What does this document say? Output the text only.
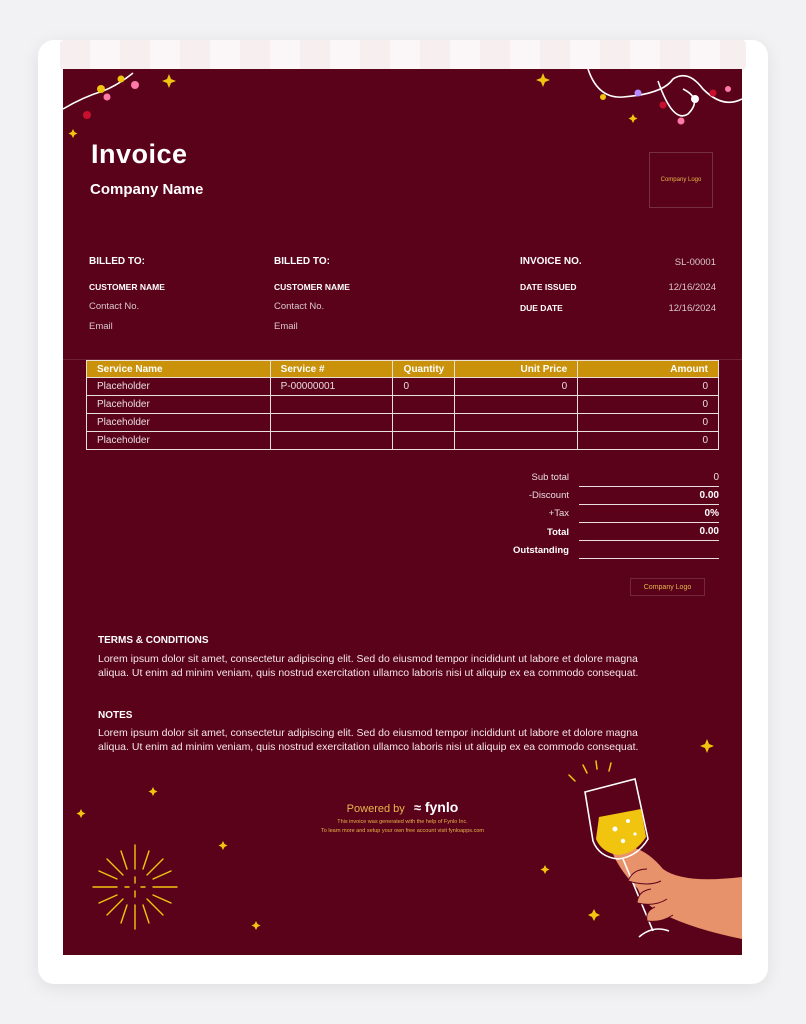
Invoice
Company Name
Company Logo
BILLED TO:
CUSTOMER NAME
Contact No.
Email
BILLED TO:
CUSTOMER NAME
Contact No.
Email
INVOICE NO.	SL-00001
DATE ISSUED	12/16/2024
DUE DATE	12/16/2024
Service Name	Service #	Quantity	Unit Price	Amount
Placeholder	P-00000001	0	0	0
Placeholder				0
Placeholder				0
Placeholder				0
Sub total	0
-Discount	0.00
+Tax	0%
Total	0.00
Outstanding
Company Logo
TERMS & CONDITIONS
Lorem ipsum dolor sit amet, consectetur adipiscing elit. Sed do eiusmod tempor incididunt ut labore et dolore magna aliqua. Ut enim ad minim veniam, quis nostrud exercitation ullamco laboris nisi ut aliquip ex ea commodo consequat.
NOTES
Lorem ipsum dolor sit amet, consectetur adipiscing elit. Sed do eiusmod tempor incididunt ut labore et dolore magna aliqua. Ut enim ad minim veniam, quis nostrud exercitation ullamco laboris nisi ut aliquip ex ea commodo consequat.
Powered by ≈ fynlo
This invoice was generated with the help of Fynlo Inc.
To learn more and setup your own free account visit fynloapps.com
